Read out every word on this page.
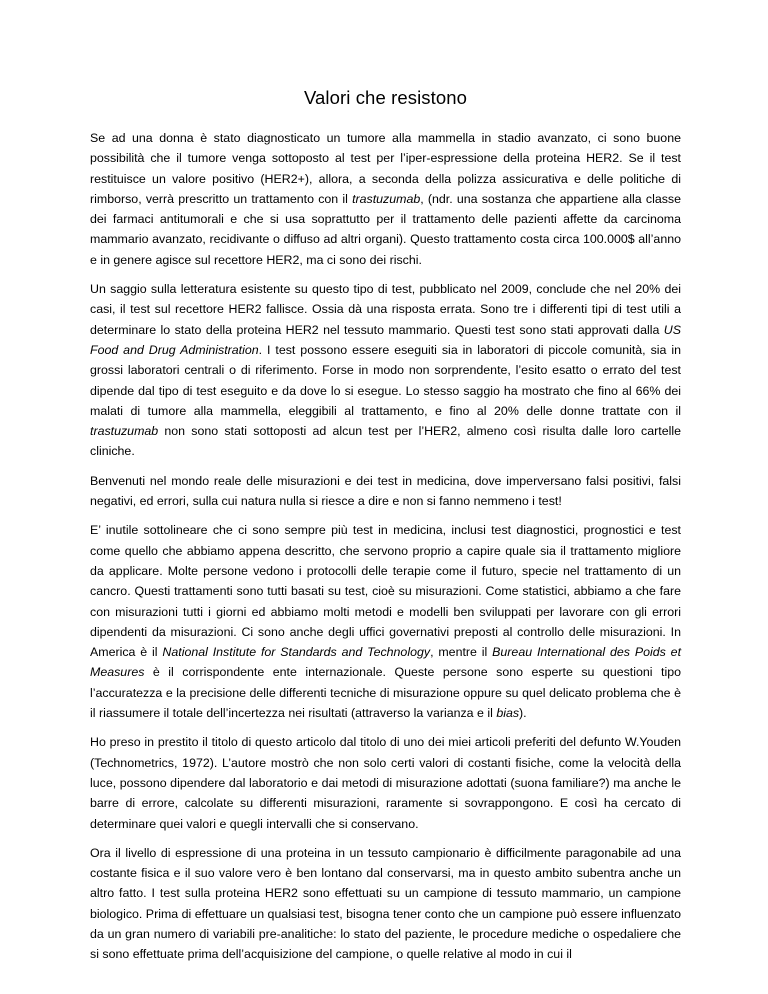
Valori che resistono

Se ad una donna è stato diagnosticato un tumore alla mammella in stadio avanzato, ci sono buone possibilità che il tumore venga sottoposto al test per l’iper-espressione della proteina HER2. Se il test restituisce un valore positivo (HER2+), allora, a seconda della polizza assicurativa e delle politiche di rimborso, verrà prescritto un trattamento con il trastuzumab, (ndr. una sostanza che appartiene alla classe dei farmaci antitumorali e che si usa soprattutto per il trattamento delle pazienti affette da carcinoma mammario avanzato, recidivante o diffuso ad altri organi). Questo trattamento costa circa 100.000$ all’anno e in genere agisce sul recettore HER2, ma ci sono dei rischi.

Un saggio sulla letteratura esistente su questo tipo di test, pubblicato nel 2009, conclude che nel 20% dei casi, il test sul recettore HER2 fallisce. Ossia dà una risposta errata. Sono tre i differenti tipi di test utili a determinare lo stato della proteina HER2 nel tessuto mammario. Questi test sono stati approvati dalla US Food and Drug Administration. I test possono essere eseguiti sia in laboratori di piccole comunità, sia in grossi laboratori centrali o di riferimento. Forse in modo non sorprendente, l’esito esatto o errato del test dipende dal tipo di test eseguito e da dove lo si esegue. Lo stesso saggio ha mostrato che fino al 66% dei malati di tumore alla mammella, eleggibili al trattamento, e fino al 20% delle donne trattate con il trastuzumab non sono stati sottoposti ad alcun test per l’HER2, almeno così risulta dalle loro cartelle cliniche.

Benvenuti nel mondo reale delle misurazioni e dei test in medicina, dove imperversano falsi positivi, falsi negativi, ed errori, sulla cui natura nulla si riesce a dire e non si fanno nemmeno i test!

E’ inutile sottolineare che ci sono sempre più test in medicina, inclusi test diagnostici, prognostici e test come quello che abbiamo appena descritto, che servono proprio a capire quale sia il trattamento migliore da applicare. Molte persone vedono i protocolli delle terapie come il futuro, specie nel trattamento di un cancro. Questi trattamenti sono tutti basati su test, cioè su misurazioni. Come statistici, abbiamo a che fare con misurazioni tutti i giorni ed abbiamo molti metodi e modelli ben sviluppati per lavorare con gli errori dipendenti da misurazioni. Ci sono anche degli uffici governativi preposti al controllo delle misurazioni. In America è il National Institute for Standards and Technology, mentre il Bureau International des Poids et Measures è il corrispondente ente internazionale. Queste persone sono esperte su questioni tipo l’accuratezza e la precisione delle differenti tecniche di misurazione oppure su quel delicato problema che è il riassumere il totale dell’incertezza nei risultati (attraverso la varianza e il bias).

Ho preso in prestito il titolo di questo articolo dal titolo di uno dei miei articoli preferiti del defunto W.Youden (Technometrics, 1972). L’autore mostrò che non solo certi valori di costanti fisiche, come la velocità della luce, possono dipendere dal laboratorio e dai metodi di misurazione adottati (suona familiare?) ma anche le barre di errore, calcolate su differenti misurazioni, raramente si sovrappongono. E così ha cercato di determinare quei valori e quegli intervalli che si conservano.

Ora il livello di espressione di una proteina in un tessuto campionario è difficilmente paragonabile ad una costante fisica e il suo valore vero è ben lontano dal conservarsi, ma in questo ambito subentra anche un altro fatto. I test sulla proteina HER2 sono effettuati su un campione di tessuto mammario, un campione biologico. Prima di effettuare un qualsiasi test, bisogna tener conto che un campione può essere influenzato da un gran numero di variabili pre-analitiche: lo stato del paziente, le procedure mediche o ospedaliere che si sono effettuate prima dell’acquisizione del campione, o quelle relative al modo in cui il
